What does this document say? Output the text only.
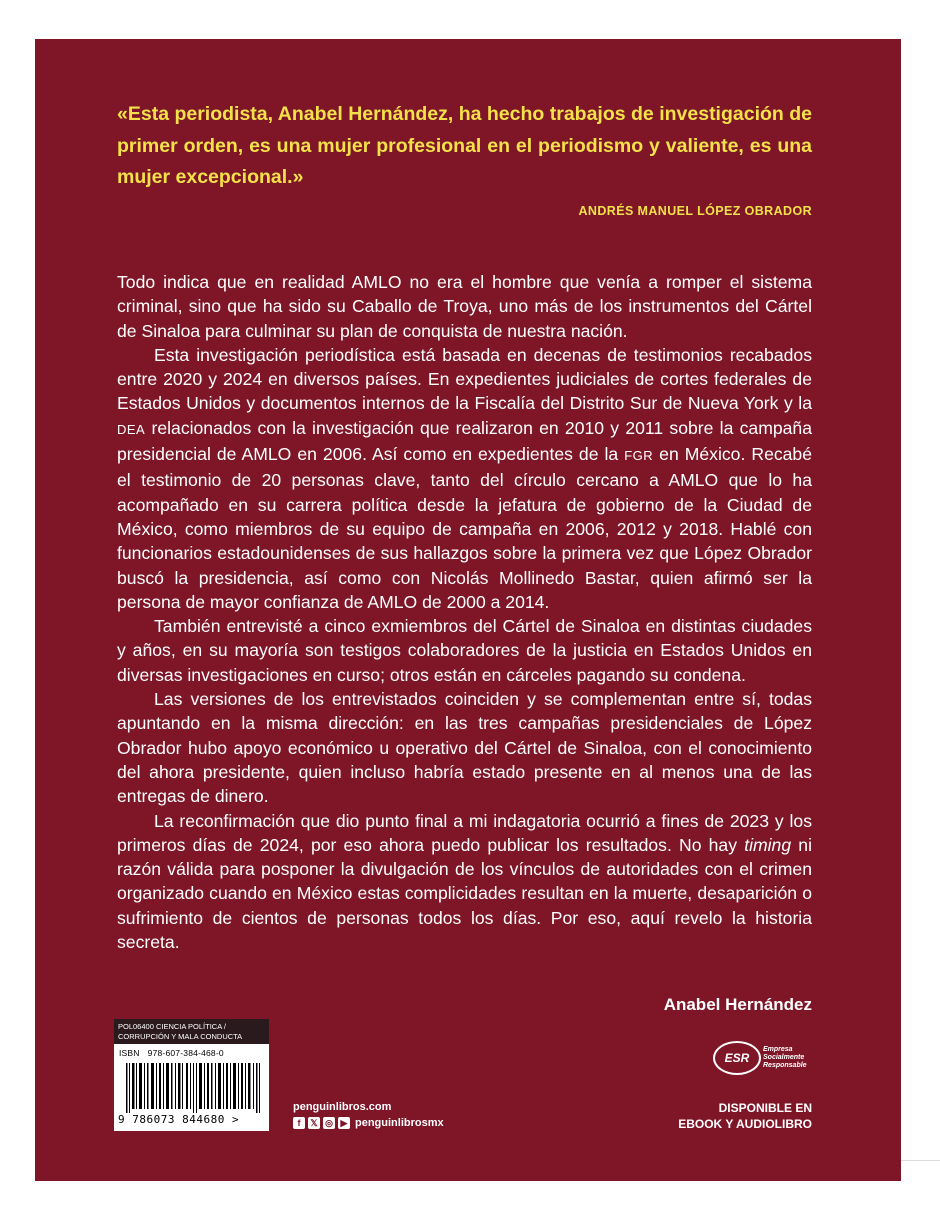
«Esta periodista, Anabel Hernández, ha hecho trabajos de investigación de primer orden, es una mujer profesional en el periodismo y valiente, es una mujer excepcional.»
ANDRÉS MANUEL LÓPEZ OBRADOR

Todo indica que en realidad AMLO no era el hombre que venía a romper el sistema criminal, sino que ha sido su Caballo de Troya, uno más de los instrumentos del Cártel de Sinaloa para culminar su plan de conquista de nuestra nación.

Esta investigación periodística está basada en decenas de testimonios recabados entre 2020 y 2024 en diversos países. En expedientes judiciales de cortes federales de Estados Unidos y documentos internos de la Fiscalía del Distrito Sur de Nueva York y la DEA relacionados con la investigación que realizaron en 2010 y 2011 sobre la campaña presidencial de AMLO en 2006. Así como en expedientes de la FGR en México. Recabé el testimonio de 20 personas clave, tanto del círculo cercano a AMLO que lo ha acompañado en su carrera política desde la jefatura de gobierno de la Ciudad de México, como miembros de su equipo de campaña en 2006, 2012 y 2018. Hablé con funcionarios estadounidenses de sus hallazgos sobre la primera vez que López Obrador buscó la presidencia, así como con Nicolás Mollinedo Bastar, quien afirmó ser la persona de mayor confianza de AMLO de 2000 a 2014.

También entrevisté a cinco exmiembros del Cártel de Sinaloa en distintas ciudades y años, en su mayoría son testigos colaboradores de la justicia en Estados Unidos en diversas investigaciones en curso; otros están en cárceles pagando su condena.

Las versiones de los entrevistados coinciden y se complementan entre sí, todas apuntando en la misma dirección: en las tres campañas presidenciales de López Obrador hubo apoyo económico u operativo del Cártel de Sinaloa, con el conocimiento del ahora presidente, quien incluso habría estado presente en al menos una de las entregas de dinero.

La reconfirmación que dio punto final a mi indagatoria ocurrió a fines de 2023 y los primeros días de 2024, por eso ahora puedo publicar los resultados. No hay timing ni razón válida para posponer la divulgación de los vínculos de autoridades con el crimen organizado cuando en México estas complicidades resultan en la muerte, desaparición o sufrimiento de cientos de personas todos los días. Por eso, aquí revelo la historia secreta.

Anabel Hernández
POL06400 CIENCIA POLÍTICA /
CORRUPCIÓN Y MALA CONDUCTA
ISBN 978-607-384-468-0
9 786073 844680 >
penguinlibros.com
f	𝕏 ◎ ▶ penguinlibrosmx
ESR
Empresa
Socialmente
Responsable
DISPONIBLE EN
EBOOK Y AUDIOLIBRO
